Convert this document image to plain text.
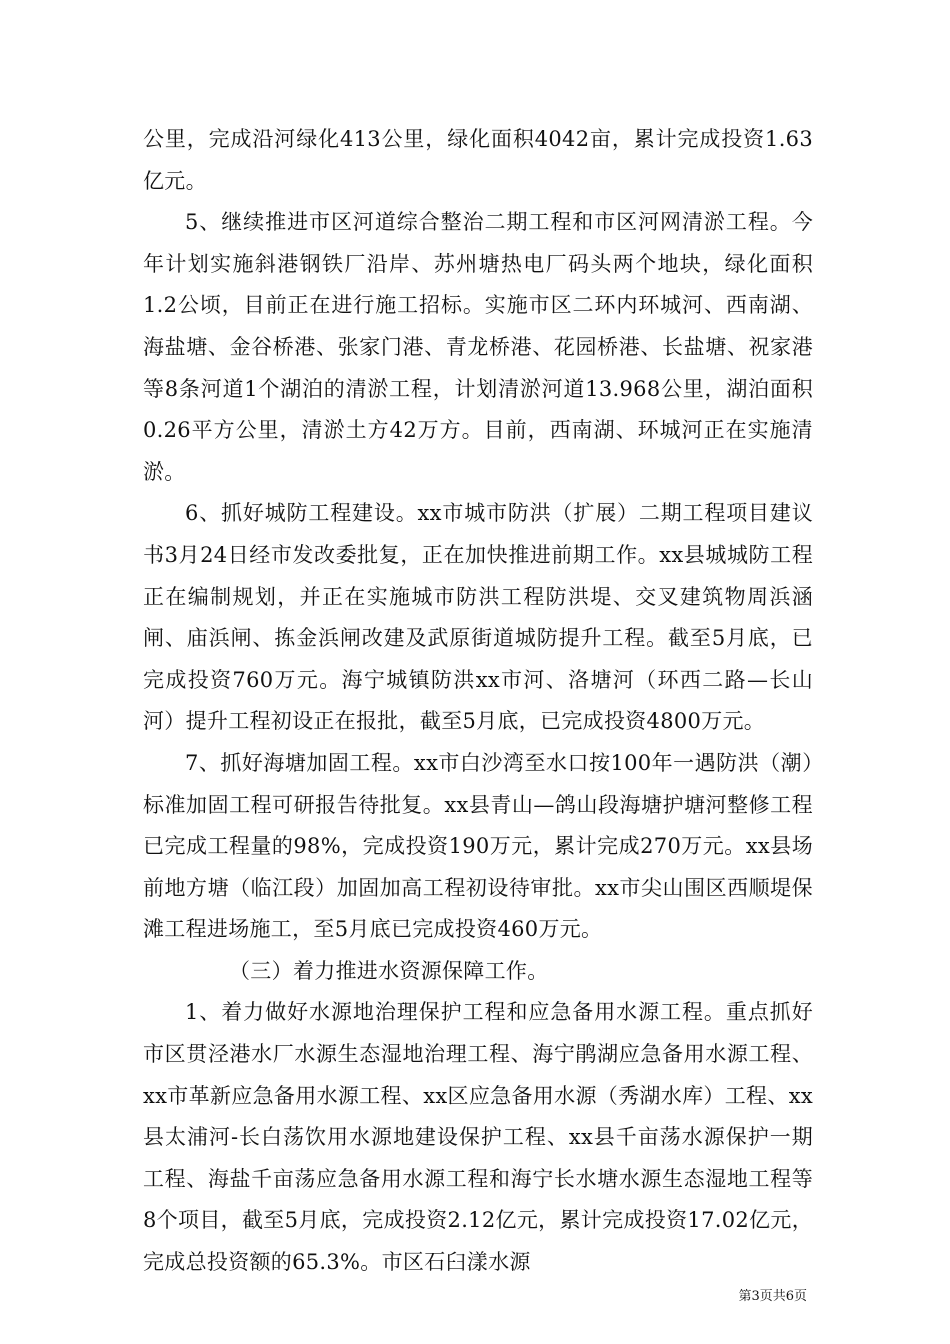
公里，完成沿河绿化413公里，绿化面积4042亩，累计完成投资1.63亿元。

5、继续推进市区河道综合整治二期工程和市区河网清淤工程。今年计划实施斜港钢铁厂沿岸、苏州塘热电厂码头两个地块，绿化面积1.2公顷，目前正在进行施工招标。实施市区二环内环城河、西南湖、海盐塘、金谷桥港、张家门港、青龙桥港、花园桥港、长盐塘、祝家港等8条河道1个湖泊的清淤工程，计划清淤河道13.968公里，湖泊面积0.26平方公里，清淤土方42万方。目前，西南湖、环城河正在实施清淤。

6、抓好城防工程建设。xx市城市防洪（扩展）二期工程项目建议书3月24日经市发改委批复，正在加快推进前期工作。xx县城城防工程正在编制规划，并正在实施城市防洪工程防洪堤、交叉建筑物周浜涵闸、庙浜闸、拣金浜闸改建及武原街道城防提升工程。截至5月底，已完成投资760万元。海宁城镇防洪xx市河、洛塘河（环西二路—长山河）提升工程初设正在报批，截至5月底，已完成投资4800万元。

7、抓好海塘加固工程。xx市白沙湾至水口按100年一遇防洪（潮）标准加固工程可研报告待批复。xx县青山—鸽山段海塘护塘河整修工程已完成工程量的98%，完成投资190万元，累计完成270万元。xx县场前地方塘（临江段）加固加高工程初设待审批。xx市尖山围区西顺堤保滩工程进场施工，至5月底已完成投资460万元。

（三）着力推进水资源保障工作。

1、着力做好水源地治理保护工程和应急备用水源工程。重点抓好市区贯泾港水厂水源生态湿地治理工程、海宁鹃湖应急备用水源工程、xx市革新应急备用水源工程、xx区应急备用水源（秀湖水库）工程、xx县太浦河-长白荡饮用水源地建设保护工程、xx县千亩荡水源保护一期工程、海盐千亩荡应急备用水源工程和海宁长水塘水源生态湿地工程等8个项目，截至5月底，完成投资2.12亿元，累计完成投资17.02亿元，完成总投资额的65.3%。市区石臼漾水源

第3页共6页
